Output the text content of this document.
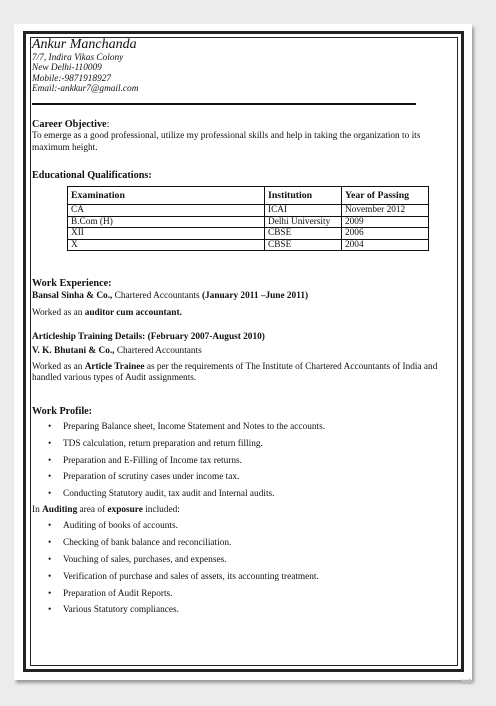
Ankur Manchanda
7/7, Indira Vikas Colony
New Delhi-110009
Mobile:-9871918927
Email:-ankkur7@gmail.com
Career Objective:

To emerge as a good professional, utilize my professional skills and help in taking the organization to its maximum height.

Educational Qualifications:
Examination	Institution	Year of Passing
CA	ICAI	November 2012
B.Com (H)	Delhi University	2009
XII	CBSE	2006
X	CBSE	2004
Work Experience:

Bansal Sinha & Co., Chartered Accountants (January 2011 –June 2011)

Worked as an auditor cum accountant.

Articleship Training Details: (February 2007-August 2010)

V. K. Bhutani & Co., Chartered Accountants

Worked as an Article Trainee as per the requirements of The Institute of Chartered Accountants of India and handled various types of Audit assignments.

Work Profile:
• Preparing Balance sheet, Income Statement and Notes to the accounts.
• TDS calculation, return preparation and return filling.
• Preparation and E-Filling of Income tax returns.
• Preparation of scrutiny cases under income tax.
• Conducting Statutory audit, tax audit and Internal audits.

In Auditing area of exposure included:

• Auditing of books of accounts.
• Checking of bank balance and reconciliation.
• Vouching of sales, purchases, and expenses.
• Verification of purchase and sales of assets, its accounting treatment.
• Preparation of Audit Reports.
• Various Statutory compliances.
➡
